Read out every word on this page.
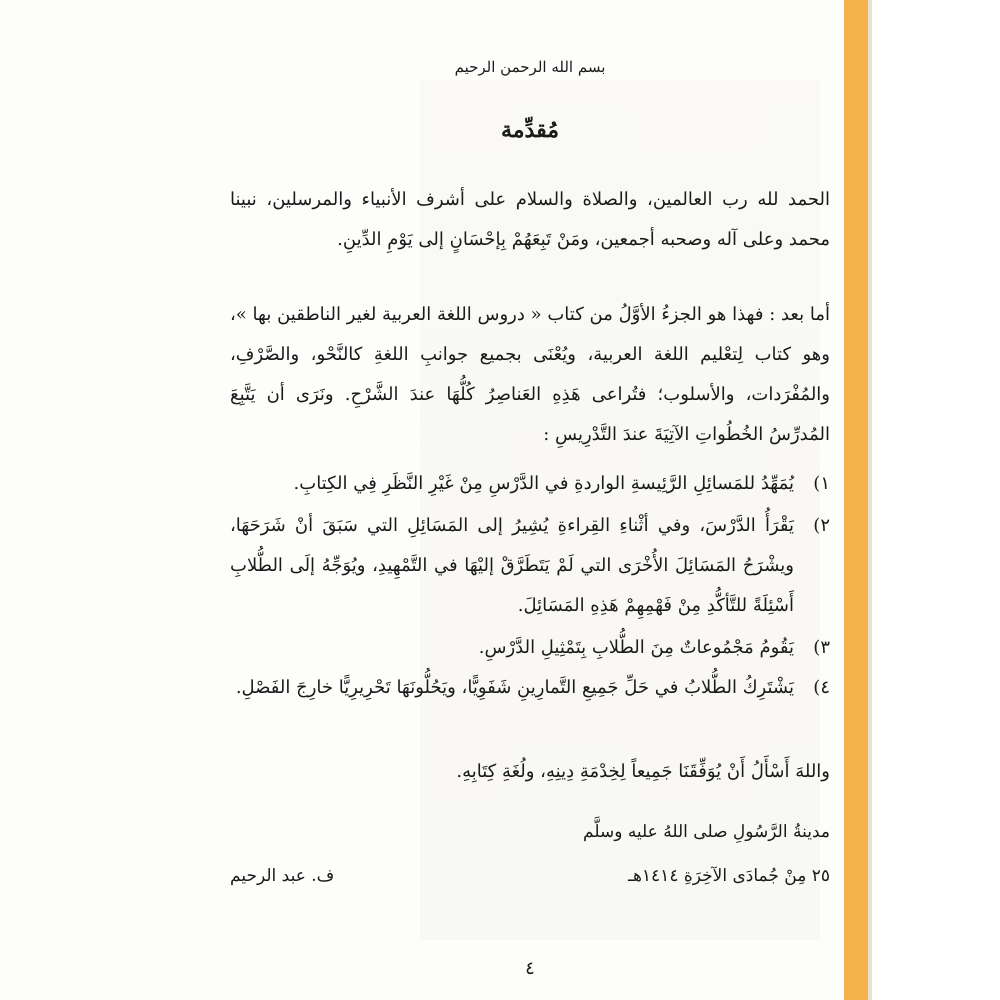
بسم الله الرحمن الرحيم
مُقدِّمة
الحمد لله رب العالمين، والصلاة والسلام على أشرف الأنبياء والمرسلين، نبينا محمد وعلى آله وصحبه أجمعين، ومَنْ تَبِعَهُمْ بِإحْسَانٍ إلى يَوْمِ الدِّينِ.
أما بعد : فهذا هو الجزءُ الأوَّلُ من كتاب « دروس اللغة العربية لغير الناطقين بها »، وهو كتاب لِتعْليم اللغة العربية، ويُعْنَى بجميع جوانبِ اللغةِ كالنَّحْو، والصَّرْفِ، والمُفْرَدات، والأسلوب؛ فتُراعى هَذِهِ العَناصِرُ كُلُّهَا عندَ الشَّرْحِ. ونَرَى أن يَتَّبِعَ المُدرِّسُ الخُطُواتِ الآتِيَةَ عندَ التَّدْرِيسِ :
١)
يُمَهِّدُ للمَسائِلِ الرَّئِيسةِ الواردةِ في الدَّرْسِ مِنْ غَيْرِ النَّظَرِ فِي الكِتابِ.
٢)
يَقْرَأُ الدَّرْسَ، وفي أثْناءِ القِراءةِ يُشِيرُ إلى المَسَائِلِ التي سَبَقَ أنْ شَرَحَهَا، ويشْرَحُ المَسَائِلَ الأُخْرَى التي لَمْ يَتَطَرَّقْ إليْهَا في التَّمْهِيدِ، ويُوَجِّهُ إلَى الطُّلابِ أَسْئِلَةً للتَّأكُّدِ مِنْ فَهْمِهِمْ هَذِهِ المَسَائِلَ.
٣)
يَقُومُ مَجْمُوعاتٌ مِنَ الطُّلابِ بِتَمْثِيلِ الدَّرْسِ.
٤)
يَشْتَرِكُ الطُّلابُ في حَلِّ جَمِيعِ التَّمارِينِ شَفَوِيًّا، ويَحُلُّونَهَا تَحْرِيرِيًّا خارِجَ الفَصْلِ.
واللهَ أَسْأَلُ أَنْ يُوَفِّقَنَا جَمِيعاً لِخِدْمَةِ دِينِهِ، ولُغَةِ كِتَابِهِ.
مدينةُ الرَّسُولِ صلى اللهُ عليه وسلَّم
٢٥ مِنْ جُمادَى الآخِرَةِ ١٤١٤هـ
ف. عبد الرحيم
٤
